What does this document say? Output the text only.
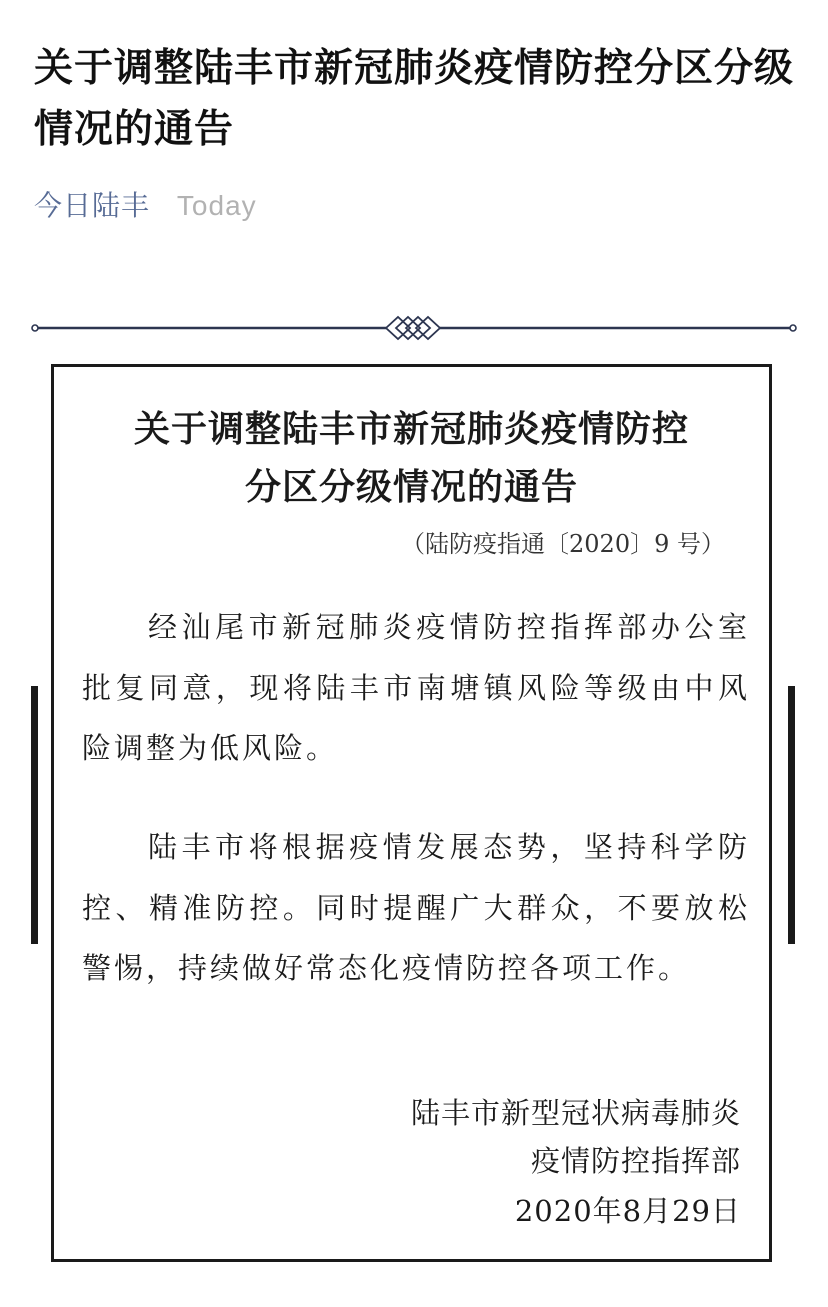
关于调整陆丰市新冠肺炎疫情防控分区分级情况的通告
今日陆丰 Today
关于调整陆丰市新冠肺炎疫情防控
分区分级情况的通告
（陆防疫指通〔2020〕9 号）

经汕尾市新冠肺炎疫情防控指挥部办公室批复同意，现将陆丰市南塘镇风险等级由中风险调整为低风险。

陆丰市将根据疫情发展态势，坚持科学防控、精准防控。同时提醒广大群众，不要放松警惕，持续做好常态化疫情防控各项工作。

陆丰市新型冠状病毒肺炎

疫情防控指挥部

2020年8月29日
